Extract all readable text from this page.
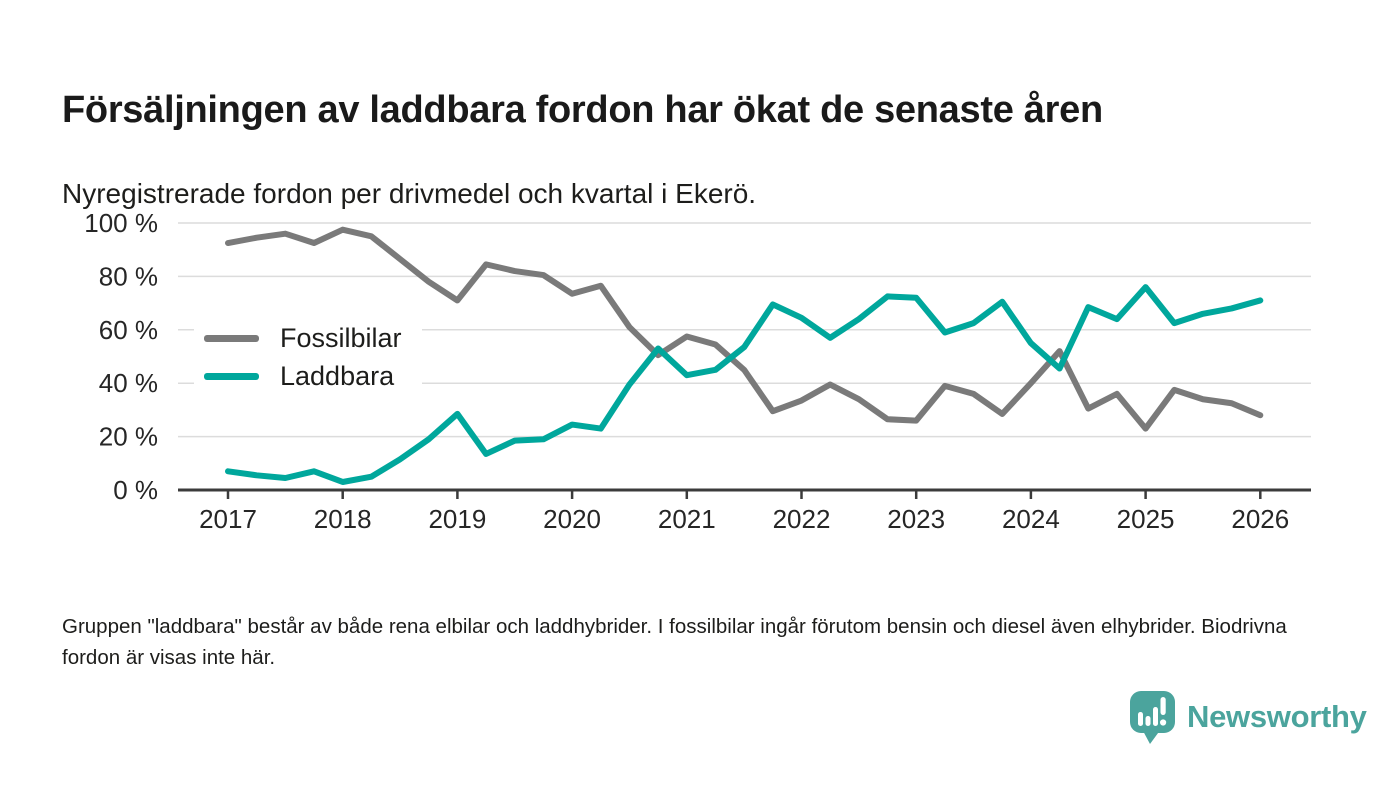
Försäljningen av laddbara fordon har ökat de senaste åren

Nyregistrerade fordon per drivmedel och kvartal i Ekerö.

0 %
20 %
40 %
60 %
80 %
100 %
2017 2018 2019 2020 2021 2022 2023 2024 2025 2026
Fossilbilar
Laddbara

Gruppen "laddbara" består av både rena elbilar och laddhybrider. I fossilbilar ingår förutom bensin och diesel även elhybrider. Biodrivna fordon är visas inte här.

Newsworthy
